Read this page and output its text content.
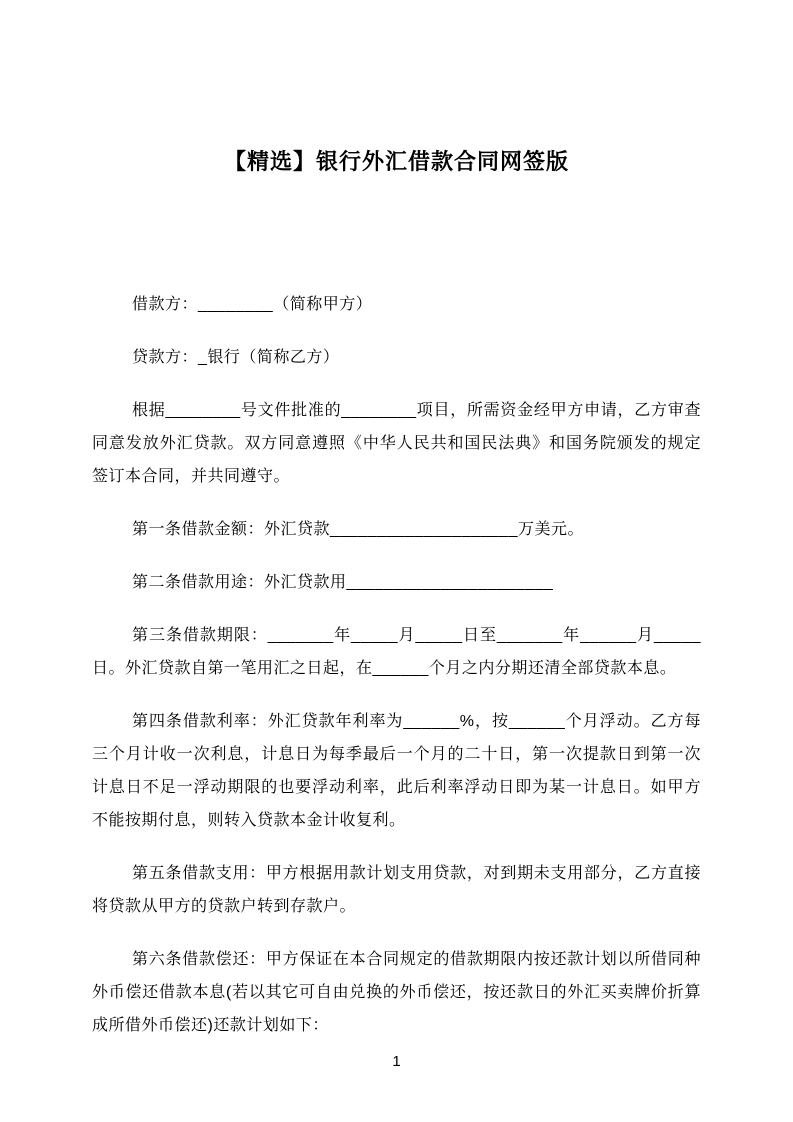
【精选】银行外汇借款合同网签版

借款方：________（简称甲方）

贷款方：_银行（简称乙方）

根据________号文件批准的________项目，所需资金经甲方申请，乙方审查同意发放外汇贷款。双方同意遵照《中华人民共和国民法典》和国务院颁发的规定签订本合同，并共同遵守。

第一条借款金额：外汇贷款____________________万美元。

第二条借款用途：外汇贷款用______________________

第三条借款期限：_______年_____月_____日至_______年______月_____日。外汇贷款自第一笔用汇之日起，在______个月之内分期还清全部贷款本息。

第四条借款利率：外汇贷款年利率为______%，按______个月浮动。乙方每三个月计收一次利息，计息日为每季最后一个月的二十日，第一次提款日到第一次计息日不足一浮动期限的也要浮动利率，此后利率浮动日即为某一计息日。如甲方不能按期付息，则转入贷款本金计收复利。

第五条借款支用：甲方根据用款计划支用贷款，对到期未支用部分，乙方直接将贷款从甲方的贷款户转到存款户。

第六条借款偿还：甲方保证在本合同规定的借款期限内按还款计划以所借同种外币偿还借款本息(若以其它可自由兑换的外币偿还，按还款日的外汇买卖牌价折算成所借外币偿还)还款计划如下：

1
